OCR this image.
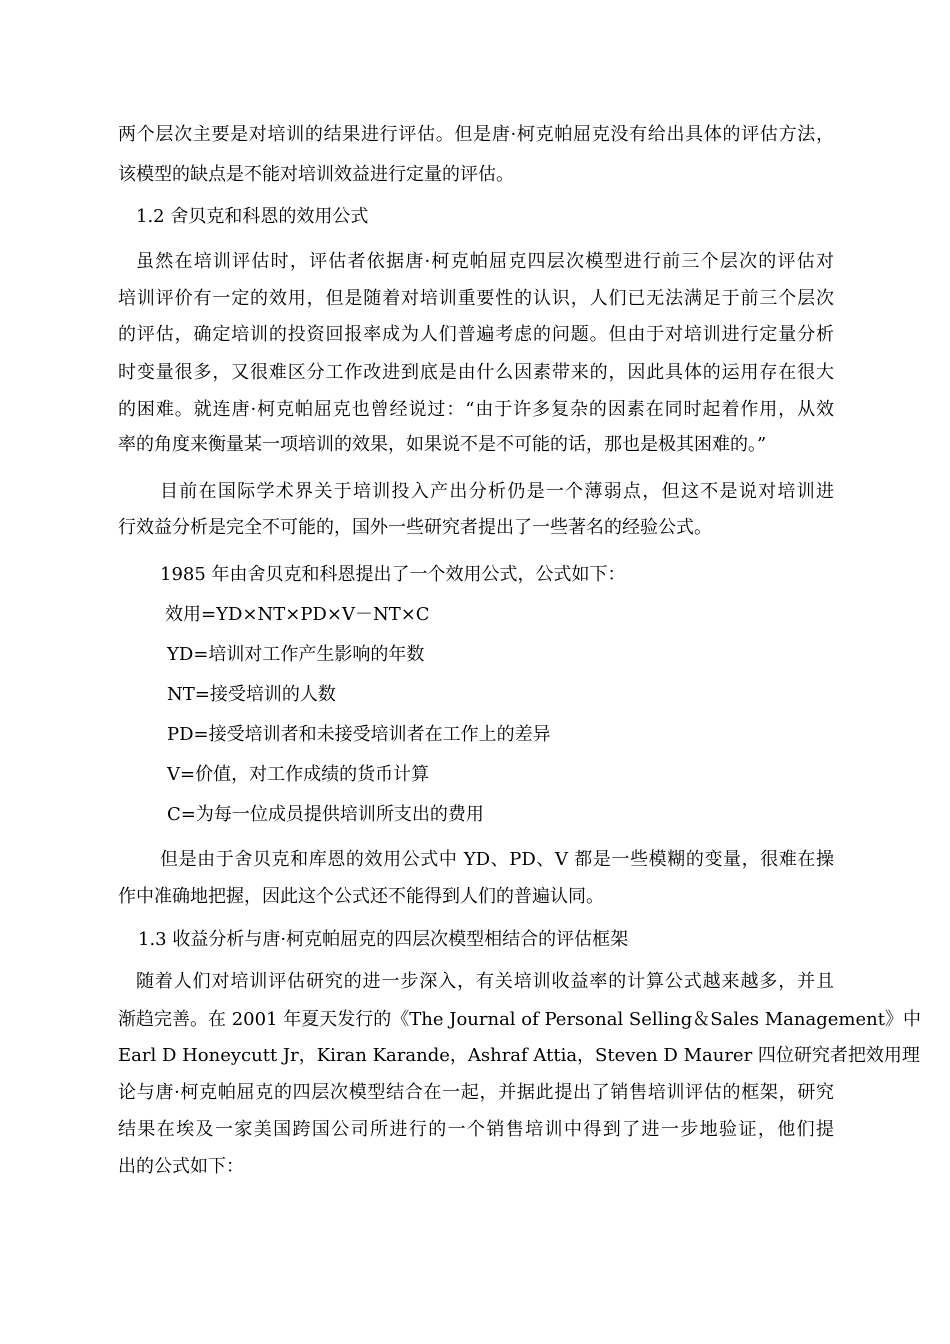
两个层次主要是对培训的结果进行评估。但是唐·柯克帕屈克没有给出具体的评估方法，
该模型的缺点是不能对培训效益进行定量的评估。
1.2 舍贝克和科恩的效用公式
虽然在培训评估时，评估者依据唐·柯克帕屈克四层次模型进行前三个层次的评估对
培训评价有一定的效用，但是随着对培训重要性的认识，人们已无法满足于前三个层次
的评估，确定培训的投资回报率成为人们普遍考虑的问题。但由于对培训进行定量分析
时变量很多，又很难区分工作改进到底是由什么因素带来的，因此具体的运用存在很大
的困难。就连唐·柯克帕屈克也曾经说过：“由于许多复杂的因素在同时起着作用，从效
率的角度来衡量某一项培训的效果，如果说不是不可能的话，那也是极其困难的。”
目前在国际学术界关于培训投入产出分析仍是一个薄弱点，但这不是说对培训进
行效益分析是完全不可能的，国外一些研究者提出了一些著名的经验公式。
1985 年由舍贝克和科恩提出了一个效用公式，公式如下：
效用=YD×NT×PD×V－NT×C
YD=培训对工作产生影响的年数
NT=接受培训的人数
PD=接受培训者和未接受培训者在工作上的差异
V=价值，对工作成绩的货币计算
C=为每一位成员提供培训所支出的费用
但是由于舍贝克和库恩的效用公式中 YD、PD、V 都是一些模糊的变量，很难在操
作中准确地把握，因此这个公式还不能得到人们的普遍认同。
1.3 收益分析与唐·柯克帕屈克的四层次模型相结合的评估框架
随着人们对培训评估研究的进一步深入，有关培训收益率的计算公式越来越多，并且
渐趋完善。在 2001 年夏天发行的《The Journal of Personal Selling＆Sales Management》中
Earl D Honeycutt Jr，Kiran Karande，Ashraf Attia，Steven D Maurer 四位研究者把效用理
论与唐·柯克帕屈克的四层次模型结合在一起，并据此提出了销售培训评估的框架，研究
结果在埃及一家美国跨国公司所进行的一个销售培训中得到了进一步地验证，他们提
出的公式如下：
